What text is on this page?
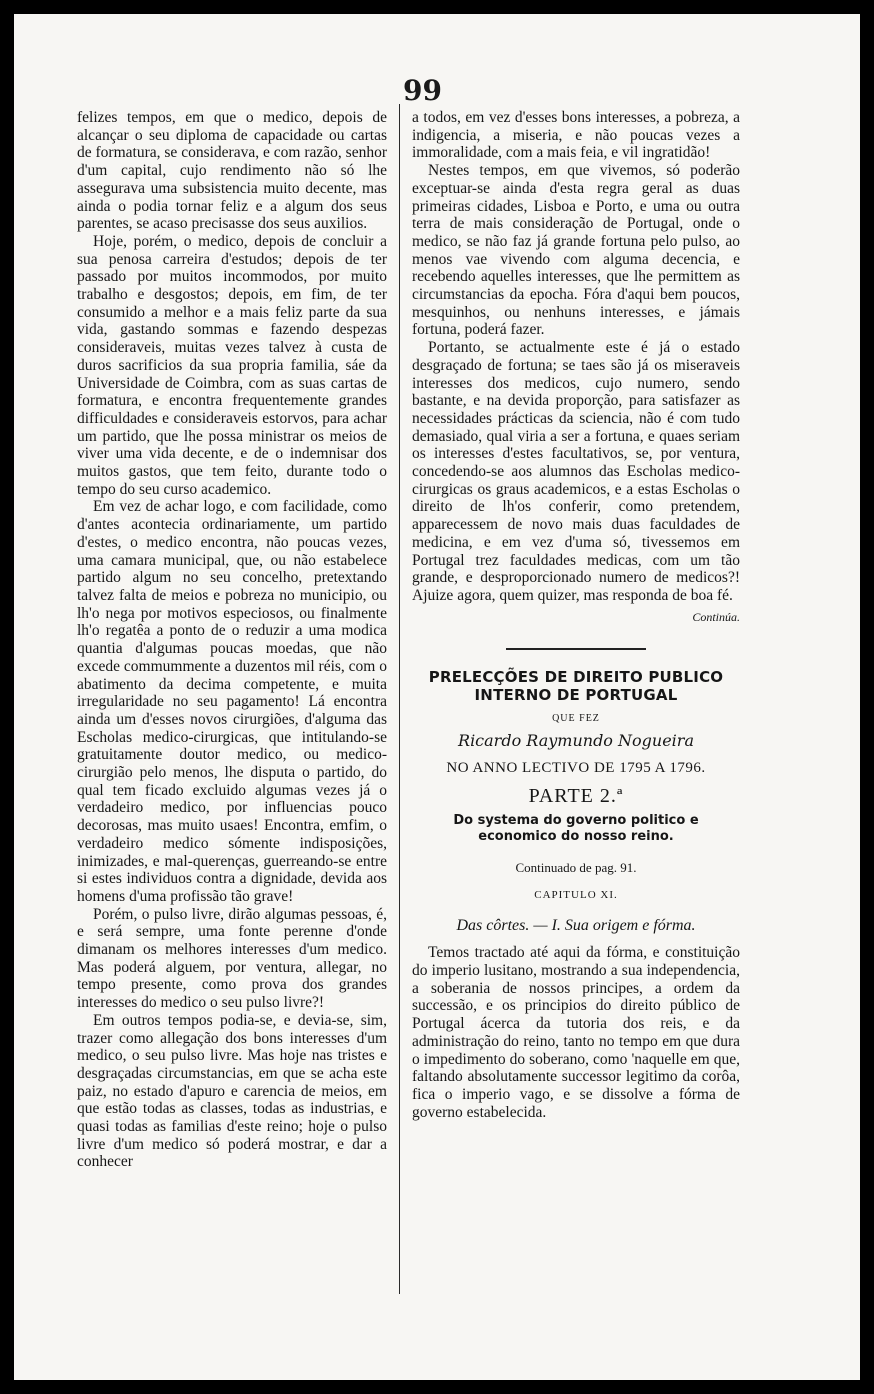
99

felizes tempos, em que o medico, depois de alcançar o seu diploma de capacidade ou cartas de formatura, se considerava, e com razão, senhor d'um capital, cujo rendimento não só lhe assegurava uma subsistencia muito decente, mas ainda o podia tornar feliz e a algum dos seus parentes, se acaso precisasse dos seus auxilios.

Hoje, porém, o medico, depois de concluir a sua penosa carreira d'estudos; depois de ter passado por muitos incommodos, por muito trabalho e desgostos; depois, em fim, de ter consumido a melhor e a mais feliz parte da sua vida, gastando sommas e fazendo despezas consideraveis, muitas vezes talvez à custa de duros sacrificios da sua propria familia, sáe da Universidade de Coimbra, com as suas cartas de formatura, e encontra frequentemente grandes difficuldades e consideraveis estorvos, para achar um partido, que lhe possa ministrar os meios de viver uma vida decente, e de o indemnisar dos muitos gastos, que tem feito, durante todo o tempo do seu curso academico.

Em vez de achar logo, e com facilidade, como d'antes acontecia ordinariamente, um partido d'estes, o medico encontra, não poucas vezes, uma camara municipal, que, ou não estabelece partido algum no seu concelho, pretextando talvez falta de meios e pobreza no municipio, ou lh'o nega por motivos especiosos, ou finalmente lh'o regatêa a ponto de o reduzir a uma modica quantia d'algumas poucas moedas, que não excede commummente a duzentos mil réis, com o abatimento da decima competente, e muita irregularidade no seu pagamento! Lá encontra ainda um d'esses novos cirurgiões, d'alguma das Escholas medico-cirurgicas, que intitulando-se gratuitamente doutor medico, ou medico-cirurgião pelo menos, lhe disputa o partido, do qual tem ficado excluido algumas vezes já o verdadeiro medico, por influencias pouco decorosas, mas muito usaes! Encontra, emfim, o verdadeiro medico sómente indisposições, inimizades, e mal-querenças, guerreando-se entre si estes individuos contra a dignidade, devida aos homens d'uma profissão tão grave!

Porém, o pulso livre, dirão algumas pessoas, é, e será sempre, uma fonte perenne d'onde dimanam os melhores interesses d'um medico. Mas poderá alguem, por ventura, allegar, no tempo presente, como prova dos grandes interesses do medico o seu pulso livre?!

Em outros tempos podia-se, e devia-se, sim, trazer como allegação dos bons interesses d'um medico, o seu pulso livre. Mas hoje nas tristes e desgraçadas circumstancias, em que se acha este paiz, no estado d'apuro e carencia de meios, em que estão todas as classes, todas as industrias, e quasi todas as familias d'este reino; hoje o pulso livre d'um medico só poderá mostrar, e dar a conhecer

a todos, em vez d'esses bons interesses, a pobreza, a indigencia, a miseria, e não poucas vezes a immoralidade, com a mais feia, e vil ingratidão!

Nestes tempos, em que vivemos, só poderão exceptuar-se ainda d'esta regra geral as duas primeiras cidades, Lisboa e Porto, e uma ou outra terra de mais consideração de Portugal, onde o medico, se não faz já grande fortuna pelo pulso, ao menos vae vivendo com alguma decencia, e recebendo aquelles interesses, que lhe permittem as circumstancias da epocha. Fóra d'aqui bem poucos, mesquinhos, ou nenhuns interesses, e jámais fortuna, poderá fazer.

Portanto, se actualmente este é já o estado desgraçado de fortuna; se taes são já os miseraveis interesses dos medicos, cujo numero, sendo bastante, e na devida proporção, para satisfazer as necessidades prácticas da sciencia, não é com tudo demasiado, qual viria a ser a fortuna, e quaes seriam os interesses d'estes facultativos, se, por ventura, concedendo-se aos alumnos das Escholas medico-cirurgicas os graus academicos, e a estas Escholas o direito de lh'os conferir, como pretendem, apparecessem de novo mais duas faculdades de medicina, e em vez d'uma só, tivessemos em Portugal trez faculdades medicas, com um tão grande, e desproporcionado numero de medicos?! Ajuize agora, quem quizer, mas responda de boa fé.

Continúa.
PRELECÇÕES DE DIREITO PUBLICO INTERNO DE PORTUGAL
QUE FEZ
Ricardo Raymundo Nogueira
NO ANNO LECTIVO DE 1795 A 1796.
PARTE 2.ª
Do systema do governo politico e economico do nosso reino.
Continuado de pag. 91.
CAPITULO XI.
Das côrtes. — I. Sua origem e fórma.

Temos tractado até aqui da fórma, e constituição do imperio lusitano, mostrando a sua independencia, a soberania de nossos principes, a ordem da successão, e os principios do direito público de Portugal ácerca da tutoria dos reis, e da administração do reino, tanto no tempo em que dura o impedimento do soberano, como 'naquelle em que, faltando absolutamente successor legitimo da corôa, fica o imperio vago, e se dissolve a fórma de governo estabelecida.
